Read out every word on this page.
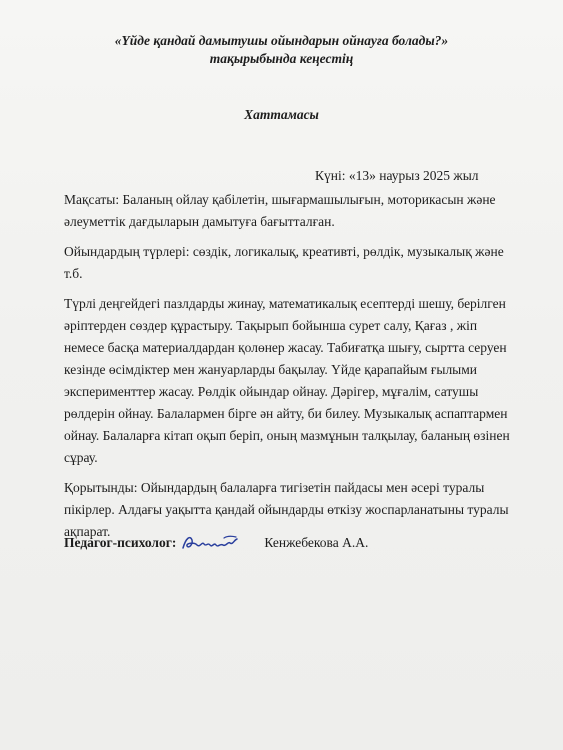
«Үйде қандай дамытушы ойындарын ойнауға болады?»
тақырыбында кеңестің
Хаттамасы
Күні: «13» наурыз 2025 жыл

Мақсаты: Баланың ойлау қабілетін, шығармашылығын, моторикасын және әлеуметтік дағдыларын дамытуға бағытталған.

Ойындардың түрлері: сөздік, логикалық, креативті, рөлдік, музыкалық және т.б.

Түрлі деңгейдегі пазлдарды жинау, математикалық есептерді шешу, берілген әріптерден сөздер құрастыру. Тақырып бойынша сурет салу, Қағаз , жіп немесе басқа материалдардан қолөнер жасау. Табиғатқа шығу, сыртта серуен кезінде өсімдіктер мен жануарларды бақылау. Үйде қарапайым ғылыми эксперименттер жасау. Рөлдік ойындар ойнау. Дәрігер, мұғалім, сатушы рөлдерін ойнау. Балалармен бірге ән айту, би билеу. Музыкалық аспаптармен ойнау. Балаларға кітап оқып беріп, оның мазмұнын талқылау, баланың өзінен сұрау.

Қорытынды: Ойындардың балаларға тигізетін пайдасы мен әсері туралы пікірлер. Алдағы уақытта қандай ойындарды өткізу жоспарланатыны туралы ақпарат.

Педагог-психолог:	Кенжебекова А.А.
